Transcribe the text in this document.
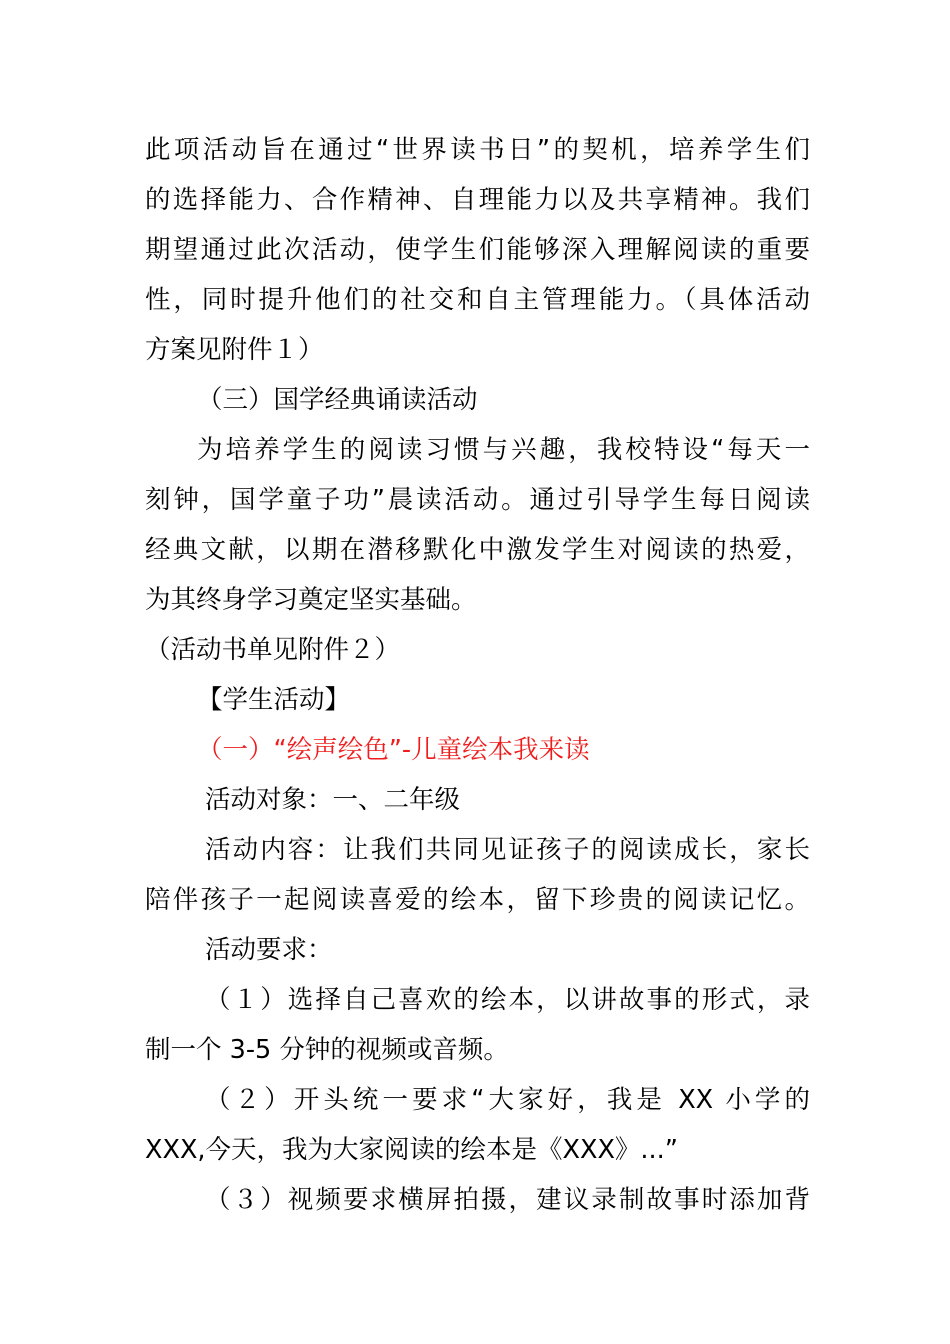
此项活动旨在通过“世界读书日”的契机，培养学生们
的选择能力、合作精神、自理能力以及共享精神。我们
期望通过此次活动，使学生们能够深入理解阅读的重要
性，同时提升他们的社交和自主管理能力。（具体活动
方案见附件１）
（三）国学经典诵读活动
为培养学生的阅读习惯与兴趣，我校特设“每天一
刻钟，国学童子功”晨读活动。通过引导学生每日阅读
经典文献，以期在潜移默化中激发学生对阅读的热爱，
为其终身学习奠定坚实基础。
（活动书单见附件２）
【学生活动】
（一）“绘声绘色”-儿童绘本我来读
活动对象：一、二年级
活动内容：让我们共同见证孩子的阅读成长，家长
陪伴孩子一起阅读喜爱的绘本，留下珍贵的阅读记忆。
活动要求：
（１）选择自己喜欢的绘本，以讲故事的形式，录
制一个 3-5 分钟的视频或音频。
（２）开头统一要求“大家好，我是 XX 小学的
XXX,今天，我为大家阅读的绘本是《XXX》...”
（３）视频要求横屏拍摄，建议录制故事时添加背
